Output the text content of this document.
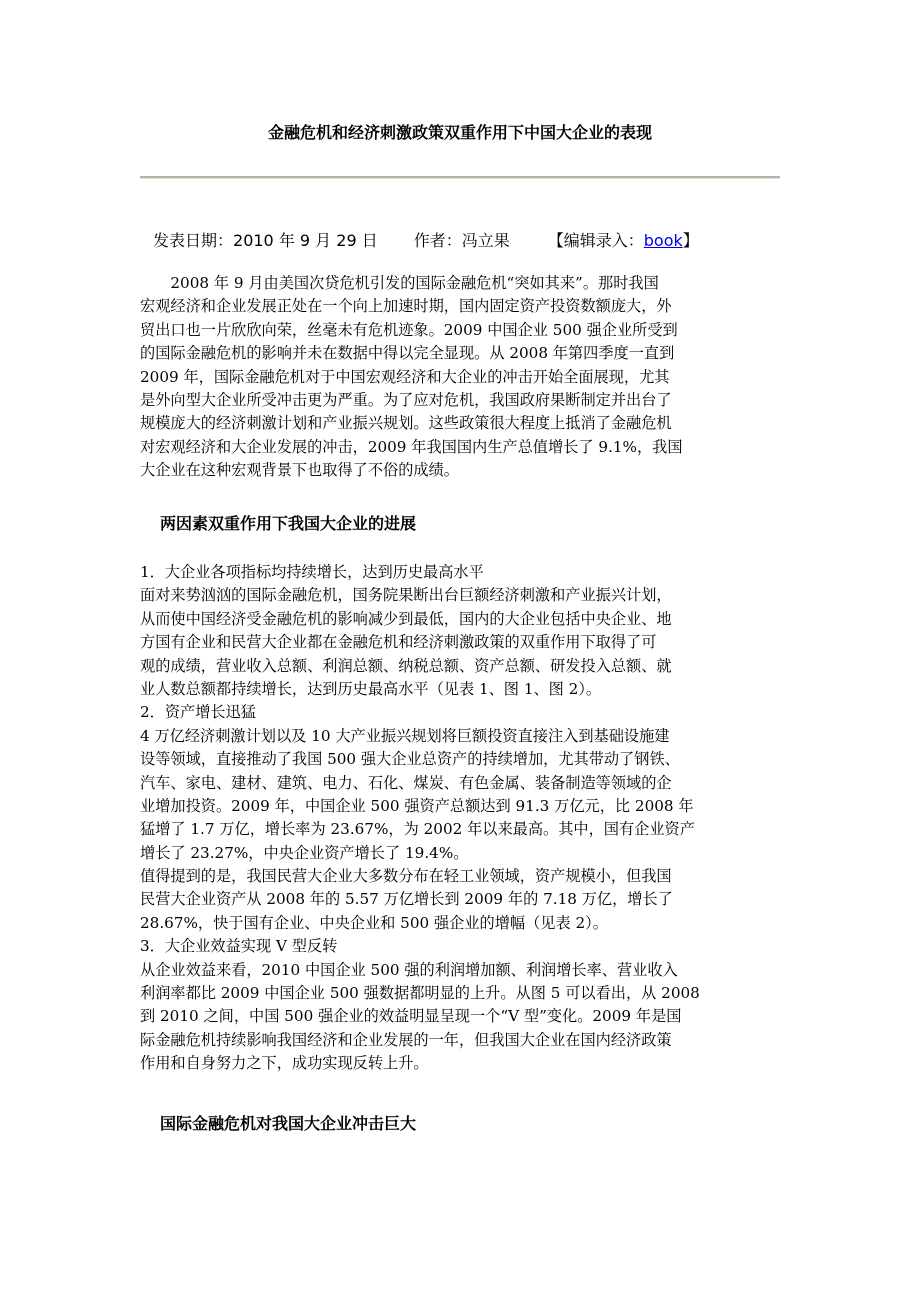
金融危机和经济刺激政策双重作用下中国大企业的表现
发表日期：2010 年 9 月 29 日 作者：冯立果 【编辑录入：book】
　　2008 年 9 月由美国次贷危机引发的国际金融危机“突如其来”。那时我国
宏观经济和企业发展正处在一个向上加速时期，国内固定资产投资数额庞大，外
贸出口也一片欣欣向荣，丝毫未有危机迹象。2009 中国企业 500 强企业所受到
的国际金融危机的影响并未在数据中得以完全显现。从 2008 年第四季度一直到
2009 年，国际金融危机对于中国宏观经济和大企业的冲击开始全面展现，尤其
是外向型大企业所受冲击更为严重。为了应对危机，我国政府果断制定并出台了
规模庞大的经济刺激计划和产业振兴规划。这些政策很大程度上抵消了金融危机
对宏观经济和大企业发展的冲击，2009 年我国国内生产总值增长了 9.1%，我国
大企业在这种宏观背景下也取得了不俗的成绩。
两因素双重作用下我国大企业的进展
1．大企业各项指标均持续增长，达到历史最高水平
面对来势汹汹的国际金融危机，国务院果断出台巨额经济刺激和产业振兴计划，
从而使中国经济受金融危机的影响减少到最低，国内的大企业包括中央企业、地
方国有企业和民营大企业都在金融危机和经济刺激政策的双重作用下取得了可
观的成绩，营业收入总额、利润总额、纳税总额、资产总额、研发投入总额、就
业人数总额都持续增长，达到历史最高水平（见表 1、图 1、图 2）。
2．资产增长迅猛
4 万亿经济刺激计划以及 10 大产业振兴规划将巨额投资直接注入到基础设施建
设等领域，直接推动了我国 500 强大企业总资产的持续增加，尤其带动了钢铁、
汽车、家电、建材、建筑、电力、石化、煤炭、有色金属、装备制造等领域的企
业增加投资。2009 年，中国企业 500 强资产总额达到 91.3 万亿元，比 2008 年
猛增了 1.7 万亿，增长率为 23.67%，为 2002 年以来最高。其中，国有企业资产
增长了 23.27%，中央企业资产增长了 19.4%。
值得提到的是，我国民营大企业大多数分布在轻工业领域，资产规模小，但我国
民营大企业资产从 2008 年的 5.57 万亿增长到 2009 年的 7.18 万亿，增长了
28.67%，快于国有企业、中央企业和 500 强企业的增幅（见表 2）。
3．大企业效益实现 V 型反转
从企业效益来看，2010 中国企业 500 强的利润增加额、利润增长率、营业收入
利润率都比 2009 中国企业 500 强数据都明显的上升。从图 5 可以看出，从 2008
到 2010 之间，中国 500 强企业的效益明显呈现一个“V 型”变化。2009 年是国
际金融危机持续影响我国经济和企业发展的一年，但我国大企业在国内经济政策
作用和自身努力之下，成功实现反转上升。
国际金融危机对我国大企业冲击巨大
